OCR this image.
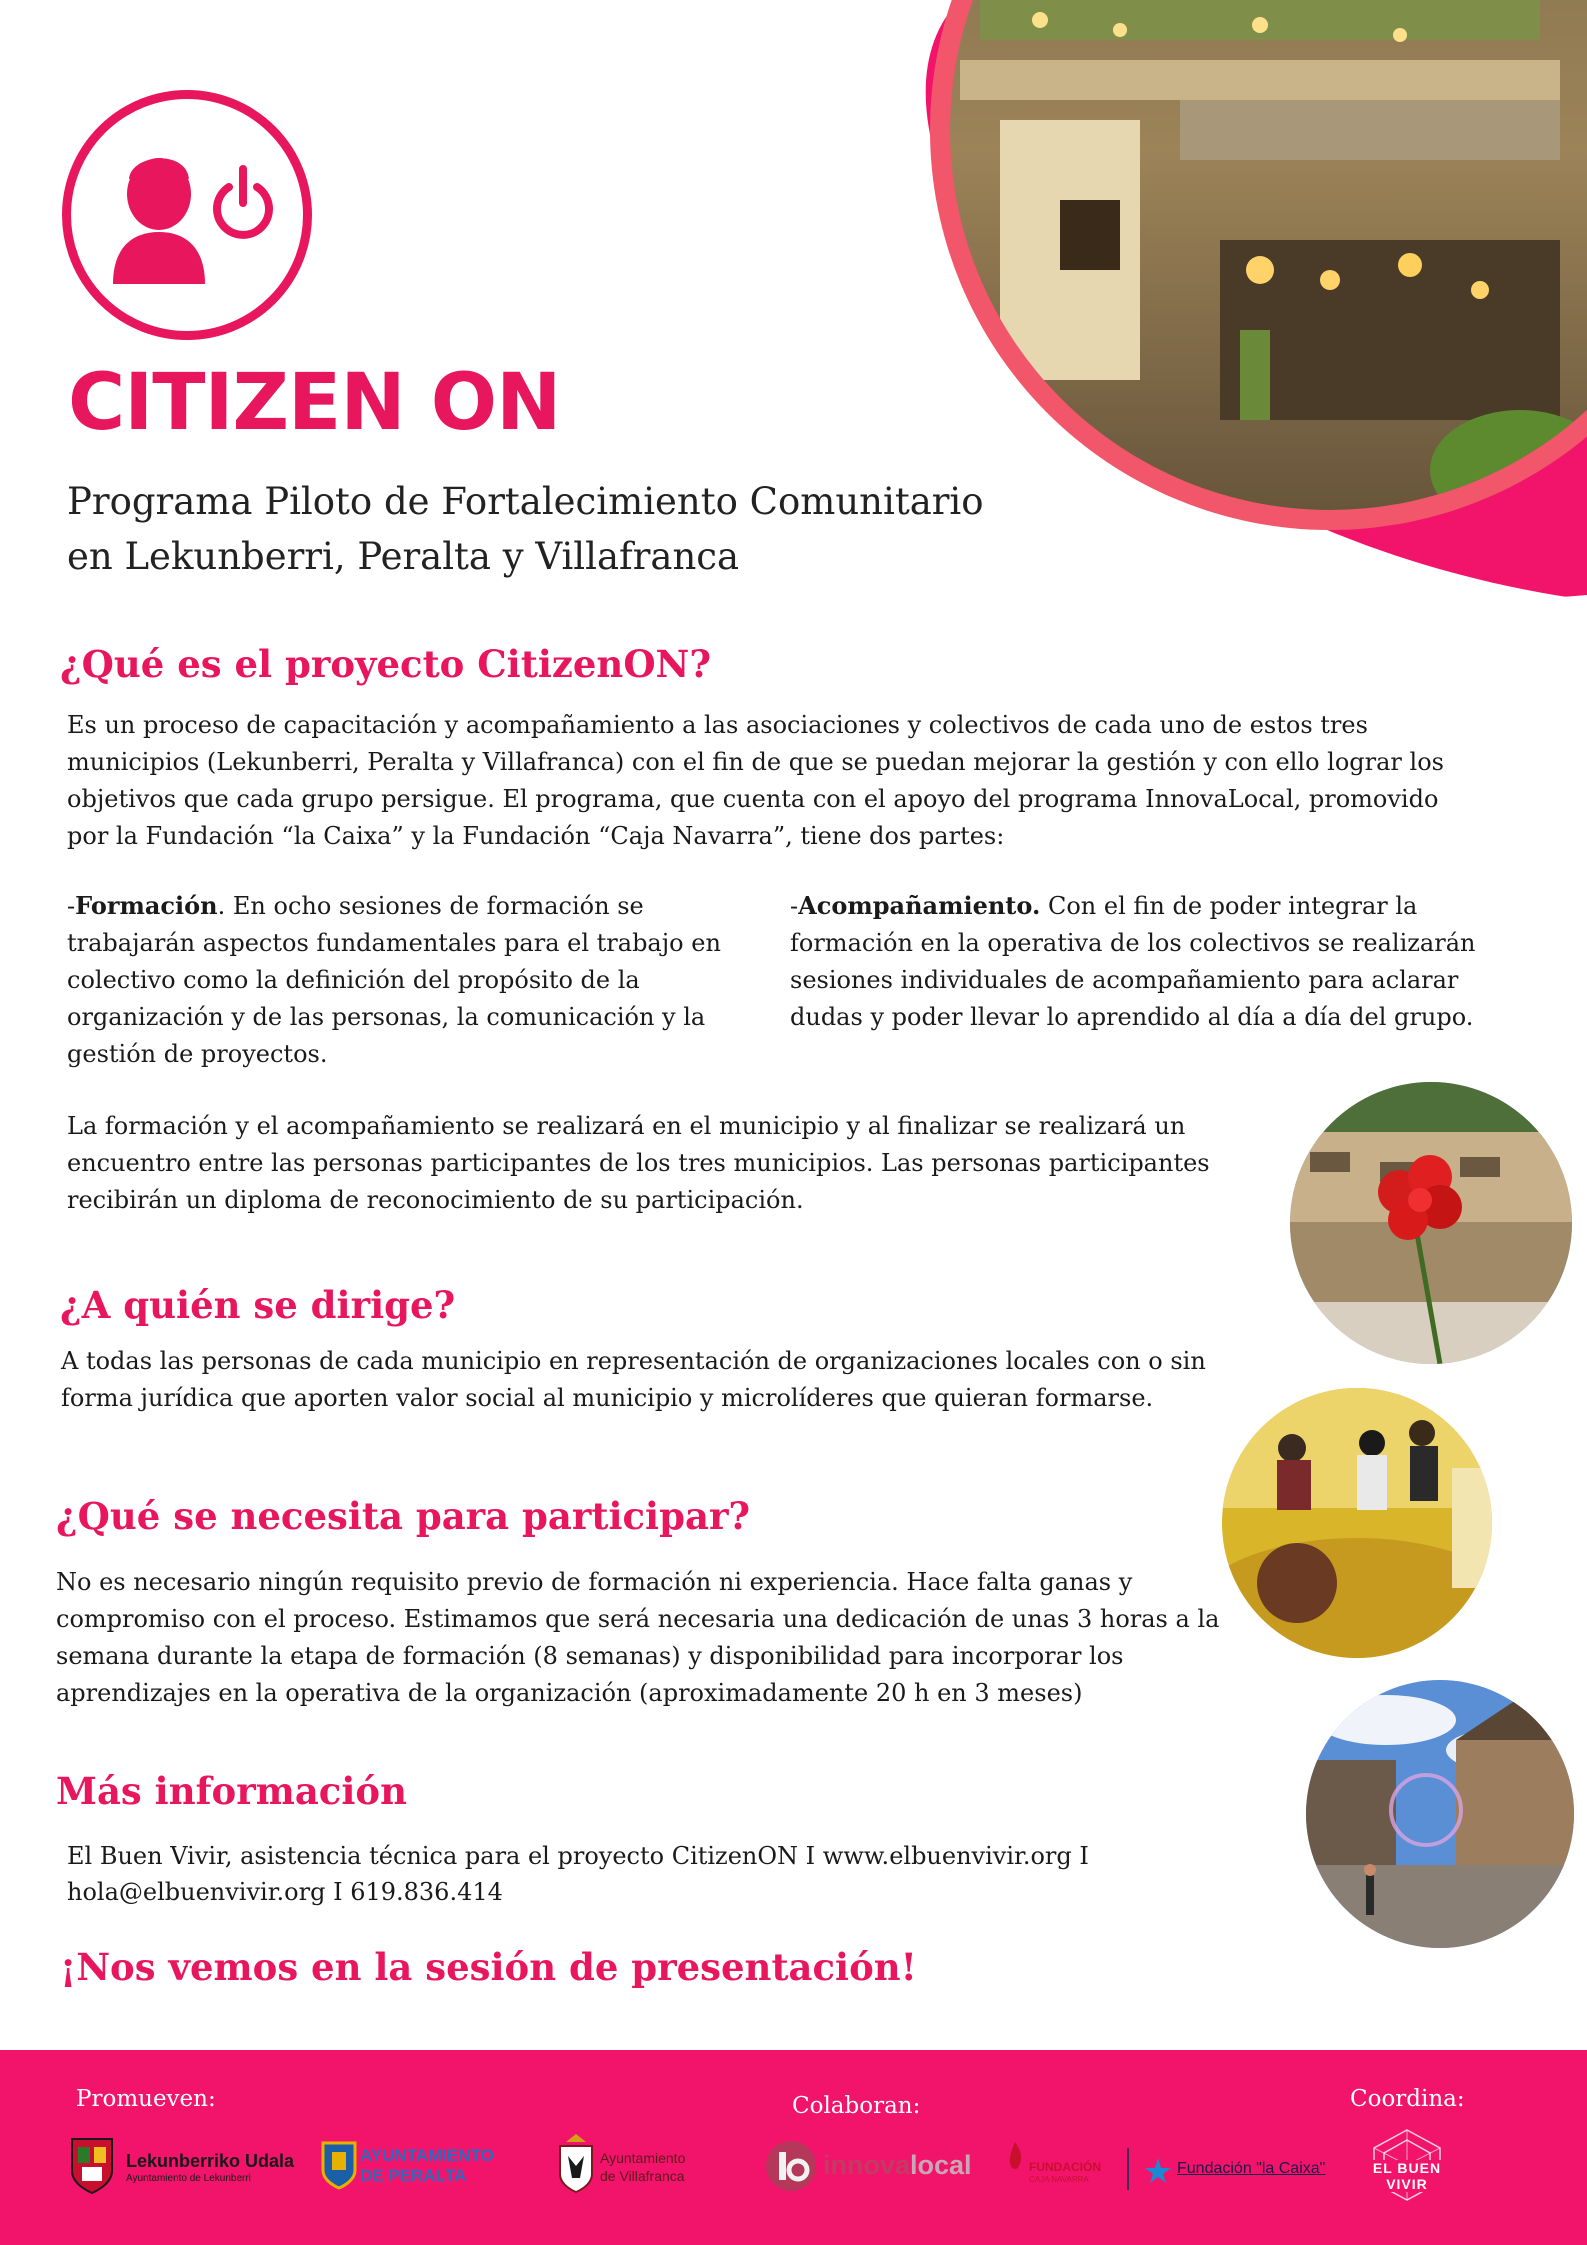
CITIZEN ON
Programa Piloto de Fortalecimiento Comunitario
en Lekunberri, Peralta y Villafranca
¿Qué es el proyecto CitizenON?

Es un proceso de capacitación y acompañamiento a las asociaciones y colectivos de cada uno de estos tres municipios (Lekunberri, Peralta y Villafranca) con el fin de que se puedan mejorar la gestión y con ello lograr los objetivos que cada grupo persigue. El programa, que cuenta con el apoyo del programa InnovaLocal, promovido por la Fundación “la Caixa” y la Fundación “Caja Navarra”, tiene dos partes:

-Formación. En ocho sesiones de formación se trabajarán aspectos fundamentales para el trabajo en colectivo como la definición del propósito de la organización y de las personas, la comunicación y la gestión de proyectos.

-Acompañamiento. Con el fin de poder integrar la formación en la operativa de los colectivos se realizarán sesiones individuales de acompañamiento para aclarar dudas y poder llevar lo aprendido al día a día del grupo.

La formación y el acompañamiento se realizará en el municipio y al finalizar se realizará un encuentro entre las personas participantes de los tres municipios. Las personas participantes recibirán un diploma de reconocimiento de su participación.

¿A quién se dirige?

A todas las personas de cada municipio en representación de organizaciones locales con o sin forma jurídica que aporten valor social al municipio y microlíderes que quieran formarse.

¿Qué se necesita para participar?

No es necesario ningún requisito previo de formación ni experiencia. Hace falta ganas y compromiso con el proceso. Estimamos que será necesaria una dedicación de unas 3 horas a la semana durante la etapa de formación (8 semanas) y disponibilidad para incorporar los aprendizajes en la operativa de la organización (aproximadamente 20 h en 3 meses)

Más información

El Buen Vivir, asistencia técnica para el proyecto CitizenON I www.elbuenvivir.org I

hola@elbuenvivir.org I 619.836.414

¡Nos vemos en la sesión de presentación!
Promueven:	Colaboran:	Coordina:
Lekunberriko Udala
Ayuntamiento de Lekunberri
AYUNTAMIENTO
DE PERALTA
Ayuntamiento
de Villafranca	innovalocal	FUNDACIÓN
CAJA NAVARRA
Fundación "la Caixa"	EL BUEN VIVIR
